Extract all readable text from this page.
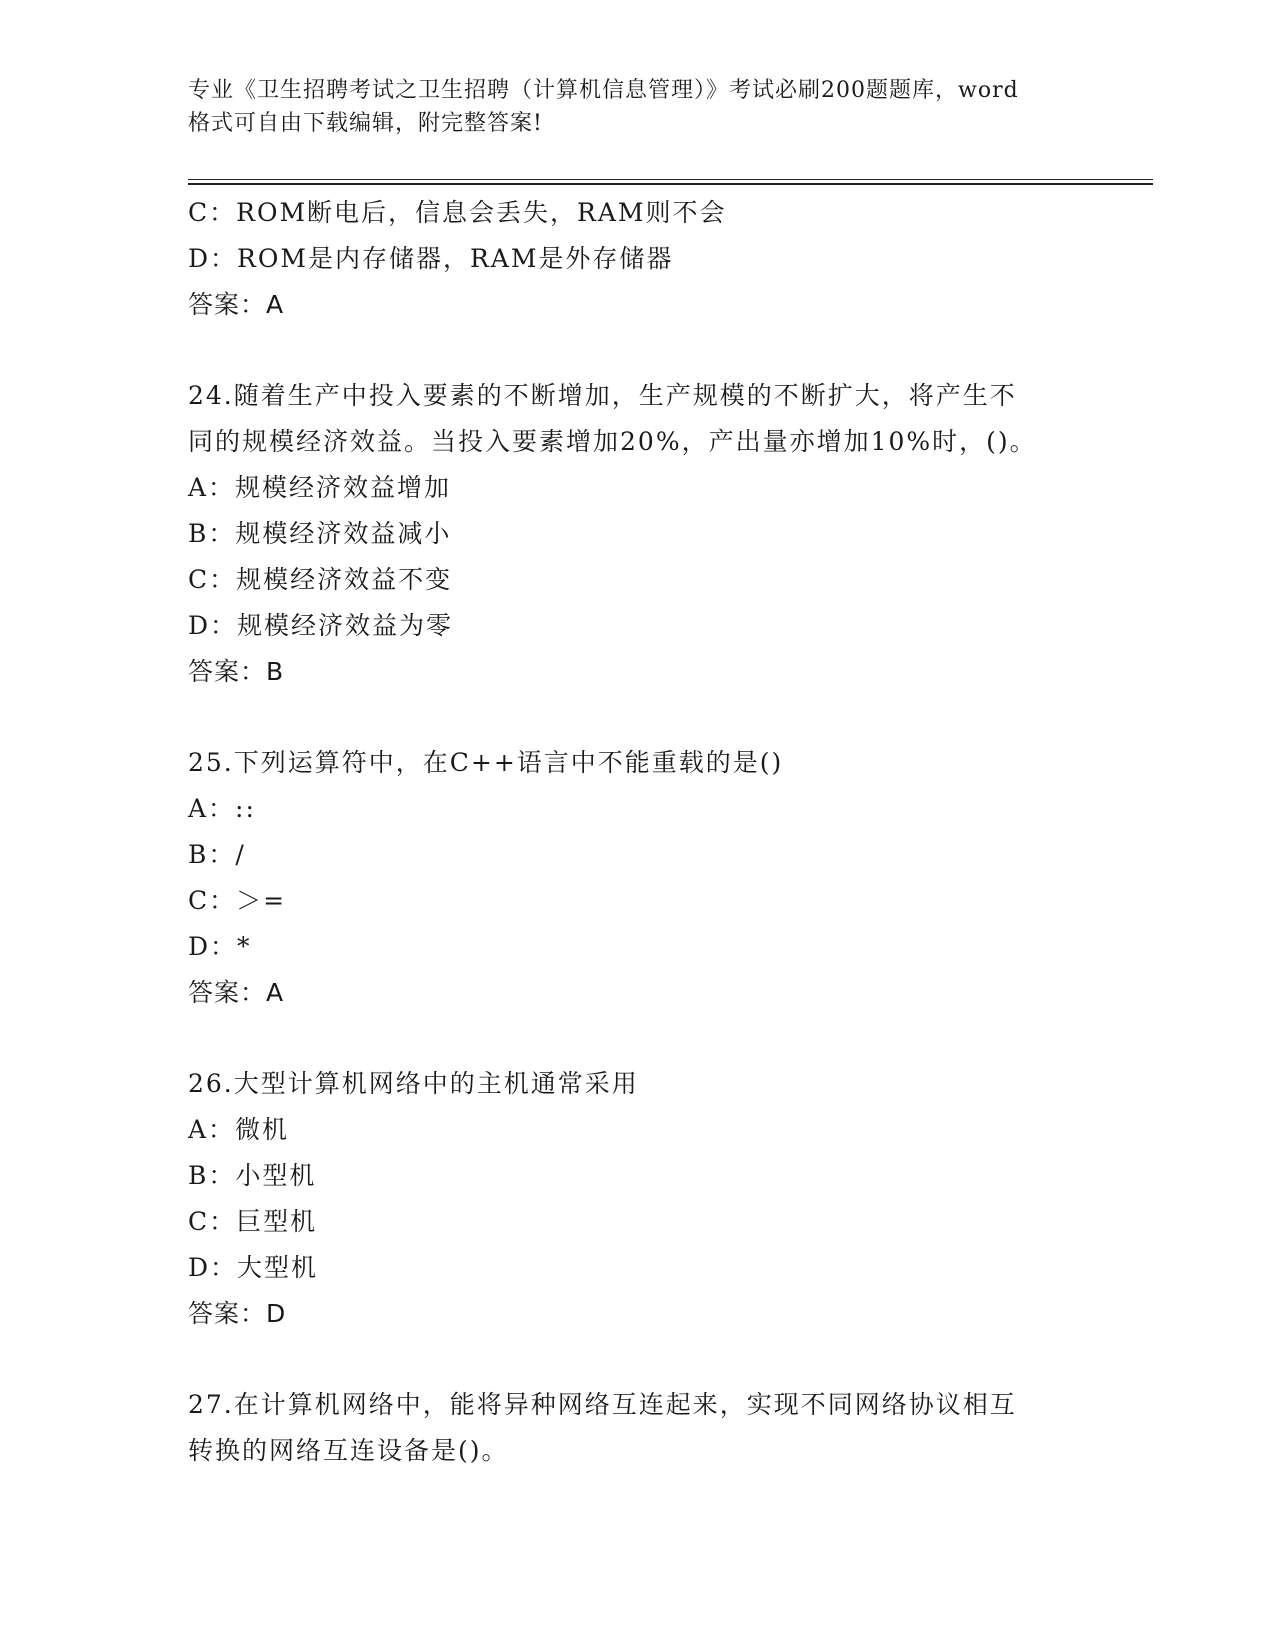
专业《卫生招聘考试之卫生招聘（计算机信息管理）》考试必刷200题题库，word
格式可自由下载编辑，附完整答案!
C：ROM断电后，信息会丢失，RAM则不会
D：ROM是内存储器，RAM是外存储器
答案：A
24.随着生产中投入要素的不断增加，生产规模的不断扩大，将产生不
同的规模经济效益。当投入要素增加20%，产出量亦增加10%时，()。
A：规模经济效益增加
B：规模经济效益减小
C：规模经济效益不变
D：规模经济效益为零
答案：B
25.下列运算符中，在C++语言中不能重载的是()
A：::
B：/
C：＞=
D：*
答案：A
26.大型计算机网络中的主机通常采用
A：微机
B：小型机
C：巨型机
D：大型机
答案：D
27.在计算机网络中，能将异种网络互连起来，实现不同网络协议相互
转换的网络互连设备是()。
